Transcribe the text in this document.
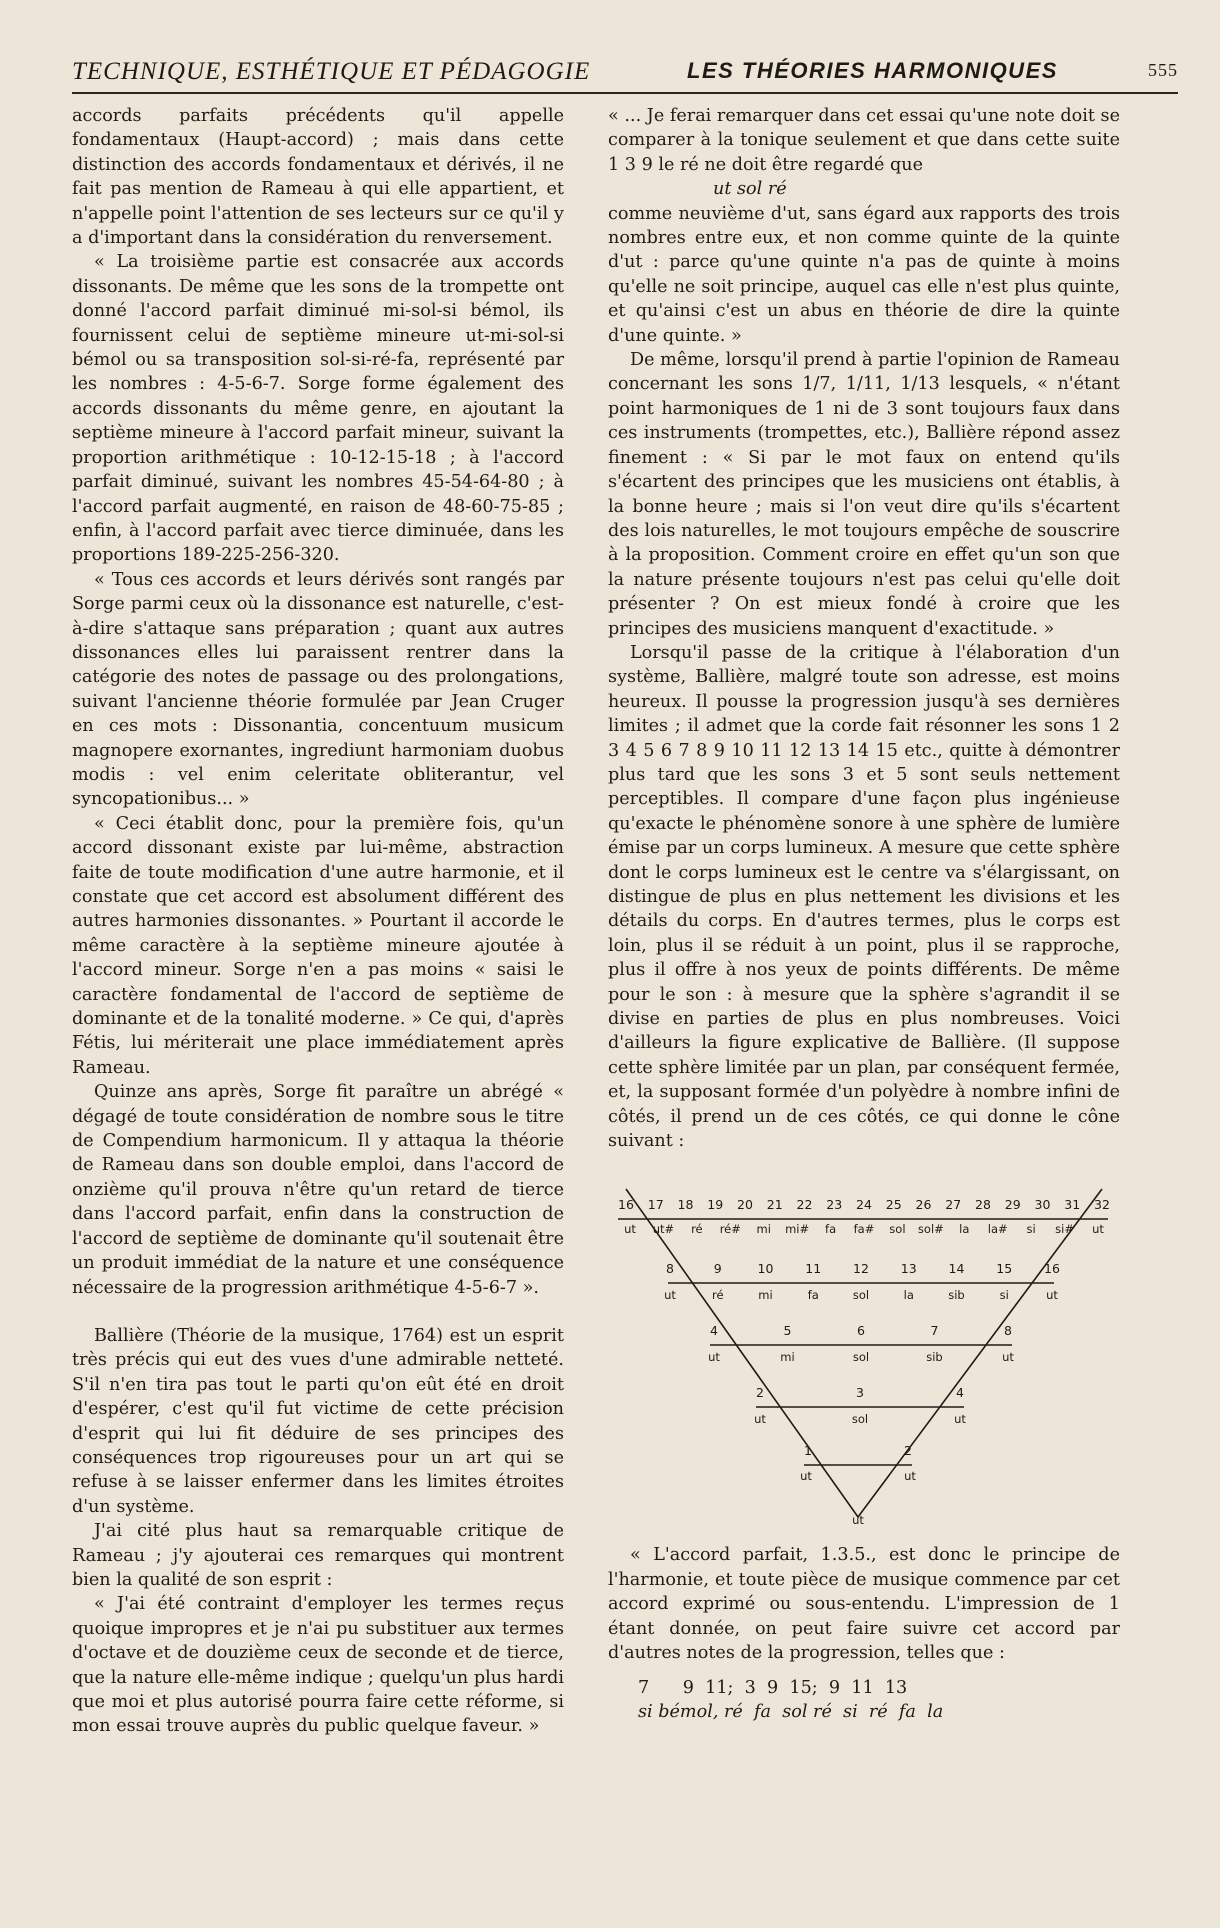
TECHNIQUE, ESTHÉTIQUE ET PÉDAGOGIE	LES THÉORIES HARMONIQUES	555

accords parfaits précédents qu'il appelle fondamentaux (Haupt-accord) ; mais dans cette distinction des accords fondamentaux et dérivés, il ne fait pas mention de Rameau à qui elle appartient, et n'appelle point l'attention de ses lecteurs sur ce qu'il y a d'important dans la considération du renversement.

« La troisième partie est consacrée aux accords dissonants. De même que les sons de la trompette ont donné l'accord parfait diminué mi-sol-si bémol, ils fournissent celui de septième mineure ut-mi-sol-si bémol ou sa transposition sol-si-ré-fa, représenté par les nombres : 4-5-6-7. Sorge forme également des accords dissonants du même genre, en ajoutant la septième mineure à l'accord parfait mineur, suivant la proportion arithmétique : 10-12-15-18 ; à l'accord parfait diminué, suivant les nombres 45-54-64-80 ; à l'accord parfait augmenté, en raison de 48-60-75-85 ; enfin, à l'accord parfait avec tierce diminuée, dans les proportions 189-225-256-320.

« Tous ces accords et leurs dérivés sont rangés par Sorge parmi ceux où la dissonance est naturelle, c'est-à-dire s'attaque sans préparation ; quant aux autres dissonances elles lui paraissent rentrer dans la catégorie des notes de passage ou des prolongations, suivant l'ancienne théorie formulée par Jean Cruger en ces mots : Dissonantia, concentuum musicum magnopere exornantes, ingrediunt harmoniam duobus modis : vel enim celeritate obliterantur, vel syncopationibus... »

« Ceci établit donc, pour la première fois, qu'un accord dissonant existe par lui-même, abstraction faite de toute modification d'une autre harmonie, et il constate que cet accord est absolument différent des autres harmonies dissonantes. » Pourtant il accorde le même caractère à la septième mineure ajoutée à l'accord mineur. Sorge n'en a pas moins « saisi le caractère fondamental de l'accord de septième de dominante et de la tonalité moderne. » Ce qui, d'après Fétis, lui mériterait une place immédiatement après Rameau.

Quinze ans après, Sorge fit paraître un abrégé « dégagé de toute considération de nombre sous le titre de Compendium harmonicum. Il y attaqua la théorie de Rameau dans son double emploi, dans l'accord de onzième qu'il prouva n'être qu'un retard de tierce dans l'accord parfait, enfin dans la construction de l'accord de septième de dominante qu'il soutenait être un produit immédiat de la nature et une conséquence nécessaire de la progression arithmétique 4-5-6-7 ».

Ballière (Théorie de la musique, 1764) est un esprit très précis qui eut des vues d'une admirable netteté. S'il n'en tira pas tout le parti qu'on eût été en droit d'espérer, c'est qu'il fut victime de cette précision d'esprit qui lui fit déduire de ses principes des conséquences trop rigoureuses pour un art qui se refuse à se laisser enfermer dans les limites étroites d'un système.

J'ai cité plus haut sa remarquable critique de Rameau ; j'y ajouterai ces remarques qui montrent bien la qualité de son esprit :

« J'ai été contraint d'employer les termes reçus quoique impropres et je n'ai pu substituer aux termes d'octave et de douzième ceux de seconde et de tierce, que la nature elle-même indique ; quelqu'un plus hardi que moi et plus autorisé pourra faire cette réforme, si mon essai trouve auprès du public quelque faveur. »

« ... Je ferai remarquer dans cet essai qu'une note doit se comparer à la tonique seulement et que dans cette suite 1 3 9 le ré ne doit être regardé que

ut sol ré

comme neuvième d'ut, sans égard aux rapports des trois nombres entre eux, et non comme quinte de la quinte d'ut : parce qu'une quinte n'a pas de quinte à moins qu'elle ne soit principe, auquel cas elle n'est plus quinte, et qu'ainsi c'est un abus en théorie de dire la quinte d'une quinte. »

De même, lorsqu'il prend à partie l'opinion de Rameau concernant les sons 1/7, 1/11, 1/13 lesquels, « n'étant point harmoniques de 1 ni de 3 sont toujours faux dans ces instruments (trompettes, etc.), Ballière répond assez finement : « Si par le mot faux on entend qu'ils s'écartent des principes que les musiciens ont établis, à la bonne heure ; mais si l'on veut dire qu'ils s'écartent des lois naturelles, le mot toujours empêche de souscrire à la proposition. Comment croire en effet qu'un son que la nature présente toujours n'est pas celui qu'elle doit présenter ? On est mieux fondé à croire que les principes des musiciens manquent d'exactitude. »

Lorsqu'il passe de la critique à l'élaboration d'un système, Ballière, malgré toute son adresse, est moins heureux. Il pousse la progression jusqu'à ses dernières limites ; il admet que la corde fait résonner les sons 1 2 3 4 5 6 7 8 9 10 11 12 13 14 15 etc., quitte à démontrer plus tard que les sons 3 et 5 sont seuls nettement perceptibles. Il compare d'une façon plus ingénieuse qu'exacte le phénomène sonore à une sphère de lumière émise par un corps lumineux. A mesure que cette sphère dont le corps lumineux est le centre va s'élargissant, on distingue de plus en plus nettement les divisions et les détails du corps. En d'autres termes, plus le corps est loin, plus il se réduit à un point, plus il se rapproche, plus il offre à nos yeux de points différents. De même pour le son : à mesure que la sphère s'agrandit il se divise en parties de plus en plus nombreuses. Voici d'ailleurs la figure explicative de Ballière. (Il suppose cette sphère limitée par un plan, par conséquent fermée, et, la supposant formée d'un polyèdre à nombre infini de côtés, il prend un de ces côtés, ce qui donne le cône suivant :

16 17 18 19 20 21 22 23 24 25 26 27 28 29 30 31 32
ut ut# ré ré# mi mi# fa fa# sol sol# la la# si si# ut
8	9	10	11	12	13	14	15	16
ut	ré	mi	fa	sol	la	sib	si	ut
4	5	6	7	8
ut	mi	sol	sib	ut
2	3	4
ut	sol	ut
1	2
ut	ut
ut

« L'accord parfait, 1.3.5., est donc le principe de l'harmonie, et toute pièce de musique commence par cet accord exprimé ou sous-entendu. L'impression de 1 étant donnée, on peut faire suivre cet accord par d'autres notes de la progression, telles que :

7      9  11;  3  9  15;  9  11  13

si bémol, ré  fa  sol ré  si  ré  fa  la
